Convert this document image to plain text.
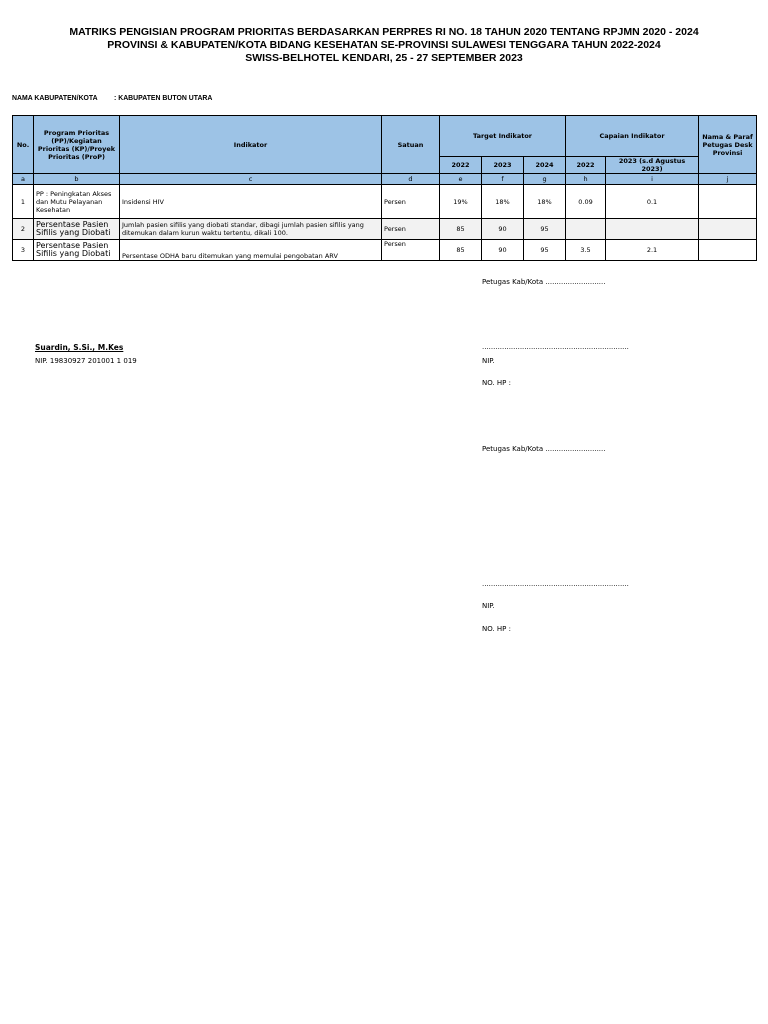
MATRIKS PENGISIAN PROGRAM PRIORITAS BERDASARKAN PERPRES RI NO. 18 TAHUN 2020 TENTANG RPJMN 2020 - 2024
PROVINSI & KABUPATEN/KOTA BIDANG KESEHATAN SE-PROVINSI SULAWESI TENGGARA TAHUN 2022-2024
SWISS-BELHOTEL KENDARI, 25 - 27 SEPTEMBER 2023
NAMA KABUPATEN/KOTA : KABUPATEN BUTON UTARA
No.	Program Prioritas (PP)/Kegiatan Prioritas (KP)/Proyek Prioritas (ProP)	Indikator	Satuan	Target Indikator			Capaian Indikator		Nama & Paraf Petugas Desk Provinsi
				2022	2023	2024	2022	2023 (s.d Agustus 2023)	
a	b	c	d	e	f	g	h	i	j
1	PP : Peningkatan Akses dan Mutu Pelayanan Kesehatan	Insidensi HIV	Persen	19%	18%	18%	0.09	0.1	
2	Persentase Pasien Sifilis yang Diobati	Jumlah pasien sifilis yang diobati standar, dibagi jumlah pasien sifilis yang ditemukan dalam kurun waktu tertentu, dikali 100.	Persen	85	90	95			
3	Persentase Pasien Sifilis yang Diobati	Persentase ODHA baru ditemukan yang memulai pengobatan ARV	Persen	85	90	95	3.5	2.1	
Petugas Kab/Kota ...........................
Suardin, S.Si., M.Kes	..................................................................
NIP. 19830927 201001 1 019	NIP.
NO. HP :
Petugas Kab/Kota ...........................
..................................................................
NIP.
NO. HP :
